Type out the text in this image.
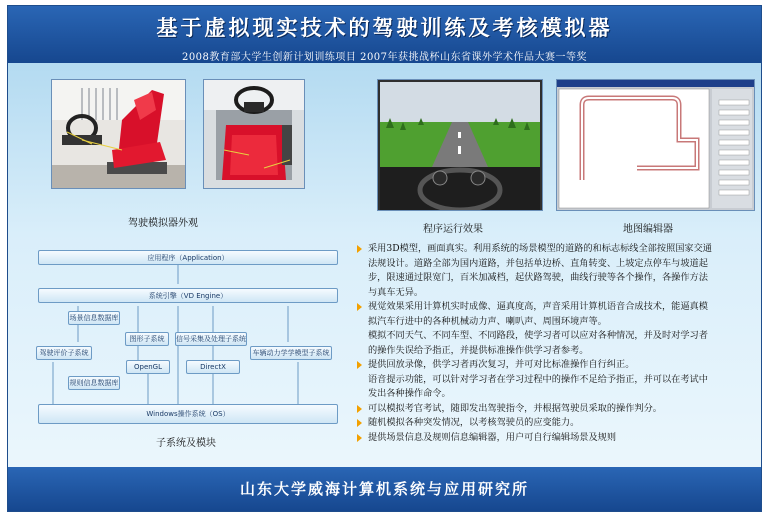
基于虚拟现实技术的驾驶训练及考核模拟器
2008教育部大学生创新计划训练项目 2007年获挑战杯山东省课外学术作品大赛一等奖
驾驶模拟器外观
程序运行效果	地图编辑器
应用程序（Application）
系统引擎（VD Engine）
场景信息数据库
图形子系统	信号采集及处理子系统
驾驶评价子系统
OpenGL	DirectX
车辆动力学学模型子系统
规则信息数据库
Windows操作系统（OS）
子系统及模块
采用3D模型，画面真实。利用系统的场景模型的道路的和标志标线全部按照国家交通
法规设计。道路全部为国内道路，并包括单边桥、直角转变、上坡定点停车与坡道起
步，限速通过限宽门，百米加减档，起伏路驾驶，曲线行驶等各个操作，各操作方法
与真车无异。
视觉效果采用计算机实时成像、逼真度高，声音采用计算机语音合成技术，能逼真模
拟汽车行进中的各种机械动力声、喇叭声、周围环境声等。
模拟不同天气、不同车型、不同路段，使学习者可以应对各种情况，并及时对学习者
的操作失误给予指正，并提供标准操作供学习者参考。
提供回放录像，供学习者再次复习，并可对比标准操作自行纠正。
语音提示功能，可以针对学习者在学习过程中的操作不足给予指正，并可以在考试中
发出各种操作命令。
可以模拟考官考试，随即发出驾驶指令，并根据驾驶员采取的操作判分。
随机模拟各种突发情况，以考核驾驶员的应变能力。
提供场景信息及规则信息编辑器，用户可自行编辑场景及规则
山东大学威海计算机系统与应用研究所
